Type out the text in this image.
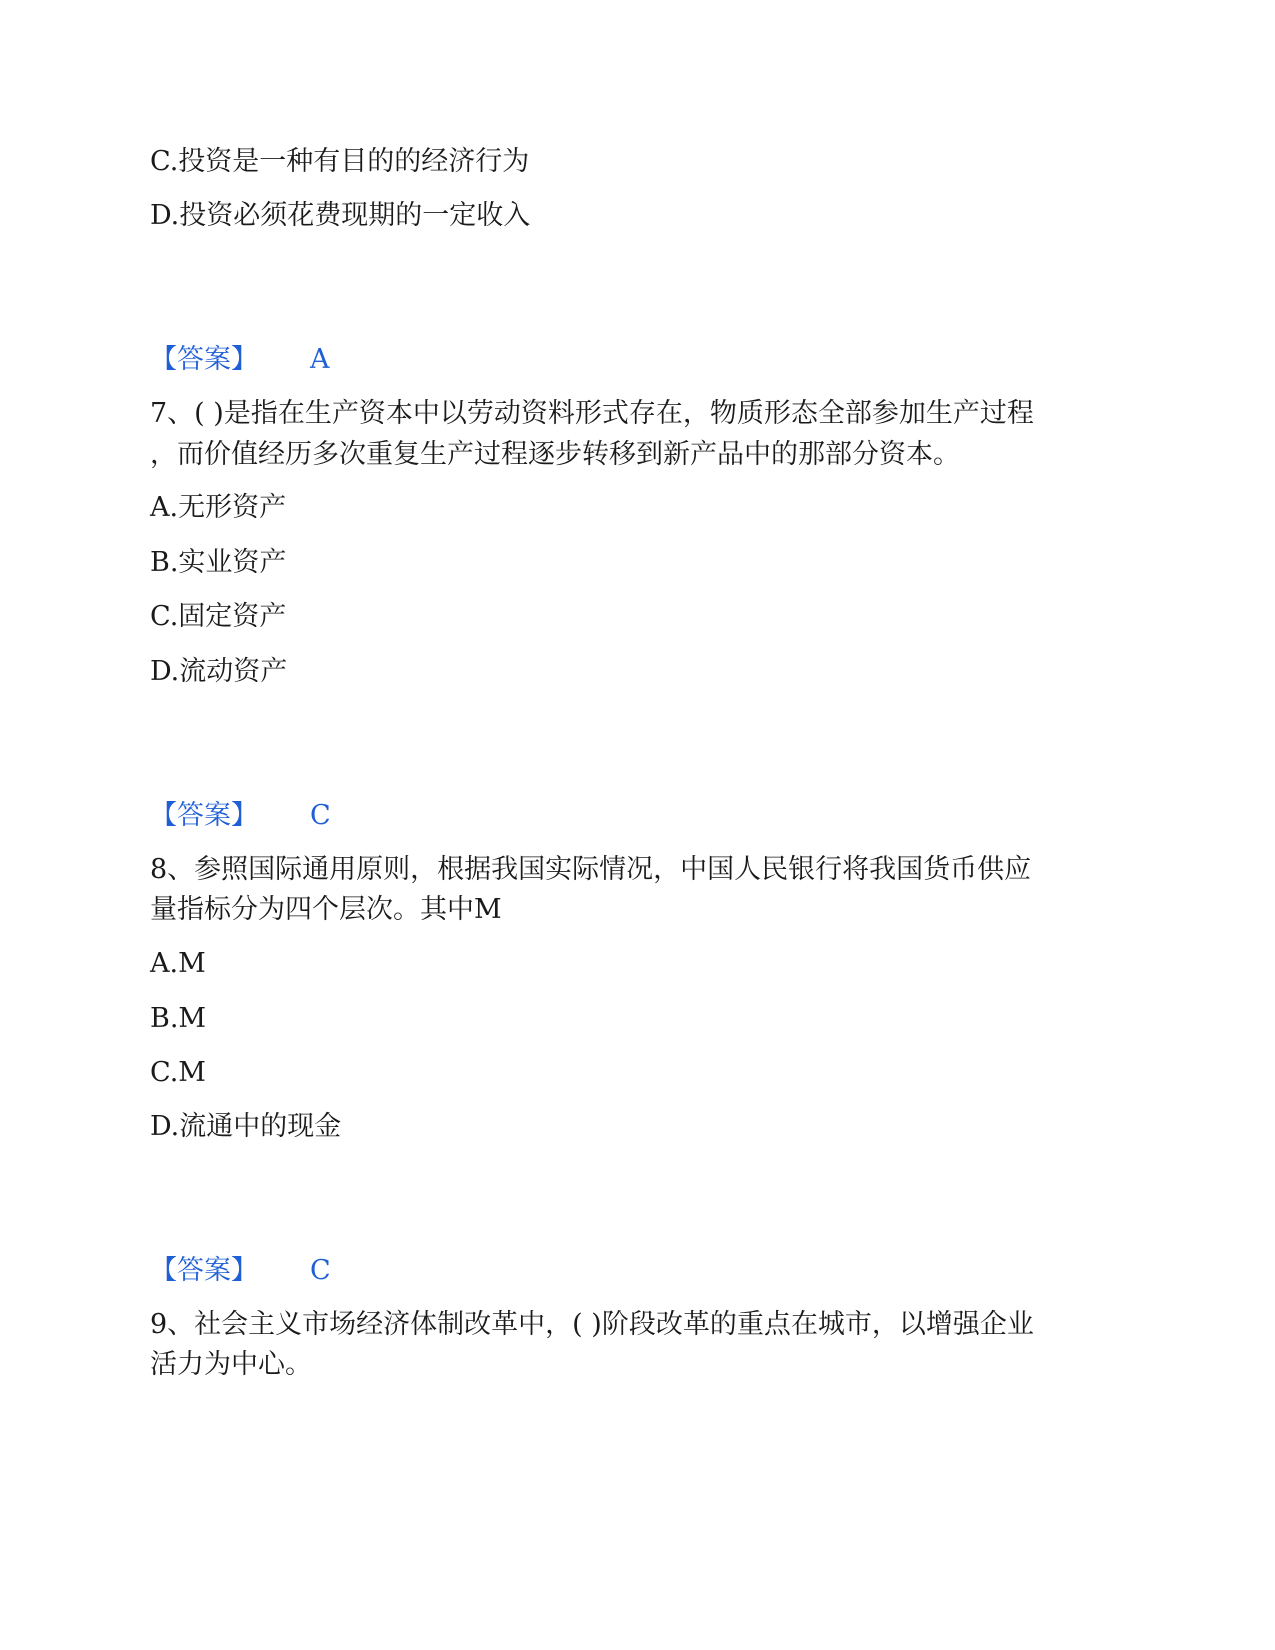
C.投资是一种有目的的经济行为
D.投资必须花费现期的一定收入
【答案】 A
7、( )是指在生产资本中以劳动资料形式存在，物质形态全部参加生产过程
，而价值经历多次重复生产过程逐步转移到新产品中的那部分资本。
A.无形资产
B.实业资产
C.固定资产
D.流动资产
【答案】 C
8、参照国际通用原则，根据我国实际情况，中国人民银行将我国货币供应
量指标分为四个层次。其中M
A.M
B.M
C.M
D.流通中的现金
【答案】 C
9、社会主义市场经济体制改革中，( )阶段改革的重点在城市，以增强企业
活力为中心。
